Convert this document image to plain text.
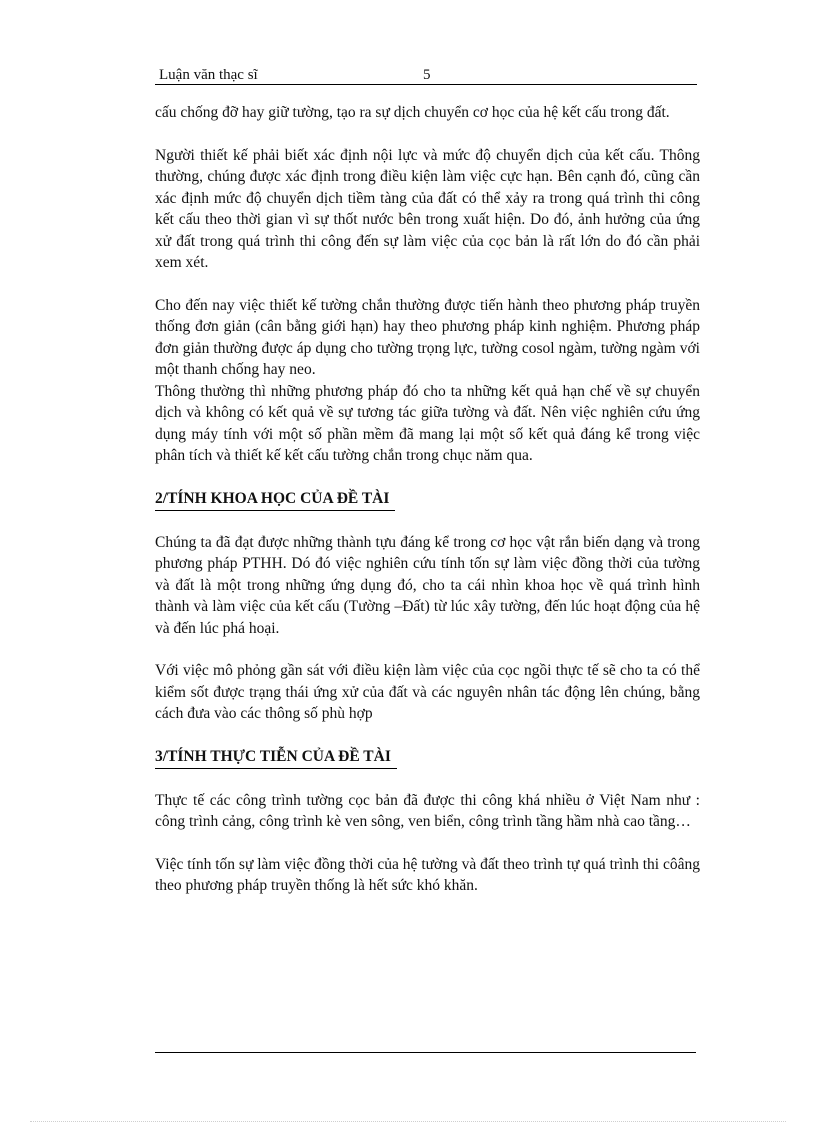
Luận văn thạc sĩ	5

cấu chống đỡ hay giữ tường, tạo ra sự dịch chuyển cơ học của hệ kết cấu trong đất.

Người thiết kế phải biết xác định nội lực và mức độ chuyển dịch của kết cấu. Thông thường, chúng được xác định trong điều kiện làm việc cực hạn. Bên cạnh đó, cũng cần xác định mức độ chuyển dịch tiềm tàng của đất có thể xảy ra trong quá trình thi công kết cấu theo thời gian vì sự thốt nước bên trong xuất hiện. Do đó, ảnh hưởng của ứng xử đất trong quá trình thi công đến sự làm việc của cọc bản là rất lớn do đó cần phải xem xét.

Cho đến nay việc thiết kế tường chắn thường được tiến hành theo phương pháp truyền thống đơn giản (cân bằng giới hạn) hay theo phương pháp kinh nghiệm. Phương pháp đơn giản thường được áp dụng cho tường trọng lực, tường cosol ngàm, tường ngàm với một thanh chống hay neo.

Thông thường thì những phương pháp đó cho ta những kết quả hạn chế về sự chuyển dịch và không có kết quả về sự tương tác giữa tường và đất. Nên việc nghiên cứu ứng dụng máy tính với một số phần mềm đã mang lại một số kết quả đáng kể trong việc phân tích và thiết kế kết cấu tường chắn trong chục năm qua.

2/TÍNH KHOA HỌC CỦA ĐỀ TÀI

Chúng ta đã đạt được những thành tựu đáng kể trong cơ học vật rắn biến dạng và trong phương pháp PTHH. Dó đó việc nghiên cứu tính tốn sự làm việc đồng thời của tường và đất là một trong những ứng dụng đó, cho ta cái nhìn khoa học về quá trình hình thành và làm việc của kết cấu (Tường –Đất) từ lúc xây tường, đến lúc hoạt động của hệ và đến lúc phá hoại.

Với việc mô phỏng gần sát với điều kiện làm việc của cọc ngồi thực tế sẽ cho ta có thể kiểm sốt được trạng thái ứng xử của đất và các nguyên nhân tác động lên chúng, bằng cách đưa vào các thông số phù hợp

3/TÍNH THỰC TIỄN CỦA ĐỀ TÀI

Thực tế các công trình tường cọc bản đã được thi công khá nhiều ở Việt Nam như : công trình cảng, công trình kè ven sông, ven biển, công trình tầng hầm nhà cao tầng…

Việc tính tốn sự làm việc đồng thời của hệ tường và đất theo trình tự quá trình thi côâng theo phương pháp truyền thống là hết sức khó khăn.
